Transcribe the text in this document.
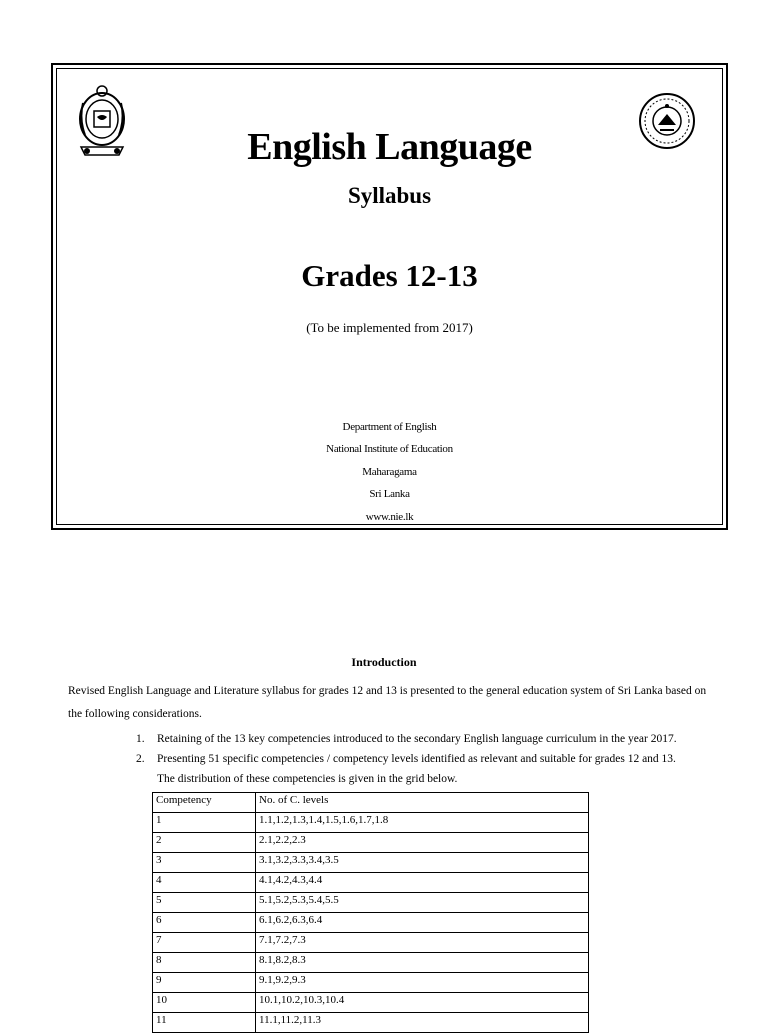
English Language
Syllabus
Grades 12-13
(To be implemented from 2017)
Department of English
National Institute of Education
Maharagama
Sri Lanka
www.nie.lk
Introduction
Revised English Language and Literature syllabus for grades 12 and 13 is presented to the general education system of Sri Lanka based on the following considerations.
1.	Retaining of the 13 key competencies introduced to the secondary English language curriculum in the year 2017.
2.	Presenting 51 specific competencies / competency levels identified as relevant and suitable for grades 12 and 13.
The distribution of these competencies is given in the grid below.
Competency	No. of C. levels
1	1.1,1.2,1.3,1.4,1.5,1.6,1.7,1.8
2	2.1,2.2,2.3
3	3.1,3.2,3.3,3.4,3.5
4	4.1,4.2,4.3,4.4
5	5.1,5.2,5.3,5.4,5.5
6	6.1,6.2,6.3,6.4
7	7.1,7.2,7.3
8	8.1,8.2,8.3
9	9.1,9.2,9.3
10	10.1,10.2,10.3,10.4
11	11.1,11.2,11.3
